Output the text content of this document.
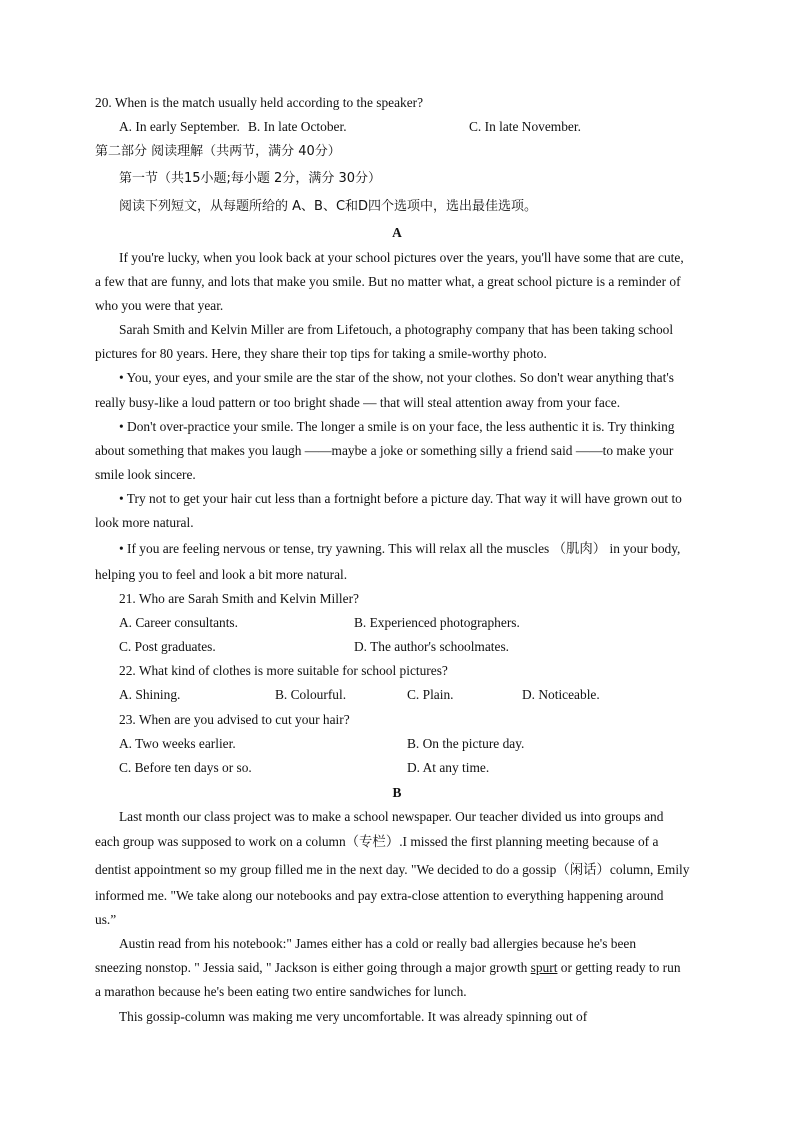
20. When is the match usually held according to the speaker?
A. In early September. B. In late October.	C. In late November.
第二部分 阅读理解（共两节，满分 40分）
第一节（共15小题;每小题 2分，满分 30分）
阅读下列短文，从每题所给的 A、B、C和D四个选项中，选出最佳选项。
A
If you're lucky, when you look back at your school pictures over the years, you'll have some that are cute,
a few that are funny, and lots that make you smile. But no matter what, a great school picture is a reminder of
who you were that year.
Sarah Smith and Kelvin Miller are from Lifetouch, a photography company that has been taking school
pictures for 80 years. Here, they share their top tips for taking a smile-worthy photo.
• You, your eyes, and your smile are the star of the show, not your clothes. So don't wear anything that's
really busy-like a loud pattern or too bright shade — that will steal attention away from your face.
• Don't over-practice your smile. The longer a smile is on your face, the less authentic it is. Try thinking
about something that makes you laugh ——maybe a joke or something silly a friend said ——to make your
smile look sincere.
• Try not to get your hair cut less than a fortnight before a picture day. That way it will have grown out to
look more natural.
• If you are feeling nervous or tense, try yawning. This will relax all the muscles （肌肉） in your body,
helping you to feel and look a bit more natural.
21. Who are Sarah Smith and Kelvin Miller?
A. Career consultants.	B. Experienced photographers.
C. Post graduates.	D. The author's schoolmates.
22. What kind of clothes is more suitable for school pictures?
A. Shining.	B. Colourful.	C. Plain.	D. Noticeable.
23. When are you advised to cut your hair?
A. Two weeks earlier.	B. On the picture day.
C. Before ten days or so.	D. At any time.
B
Last month our class project was to make a school newspaper. Our teacher divided us into groups and
each group was supposed to work on a column（专栏）.I missed the first planning meeting because of a
dentist appointment so my group filled me in the next day. "We decided to do a gossip（闲话）column, Emily
informed me. "We take along our notebooks and pay extra-close attention to everything happening around
us.”
Austin read from his notebook:" James either has a cold or really bad allergies because he's been
sneezing nonstop. " Jessia said, " Jackson is either going through a major growth spurt or getting ready to run
a marathon because he's been eating two entire sandwiches for lunch.
This gossip-column was making me very uncomfortable. It was already spinning out of
